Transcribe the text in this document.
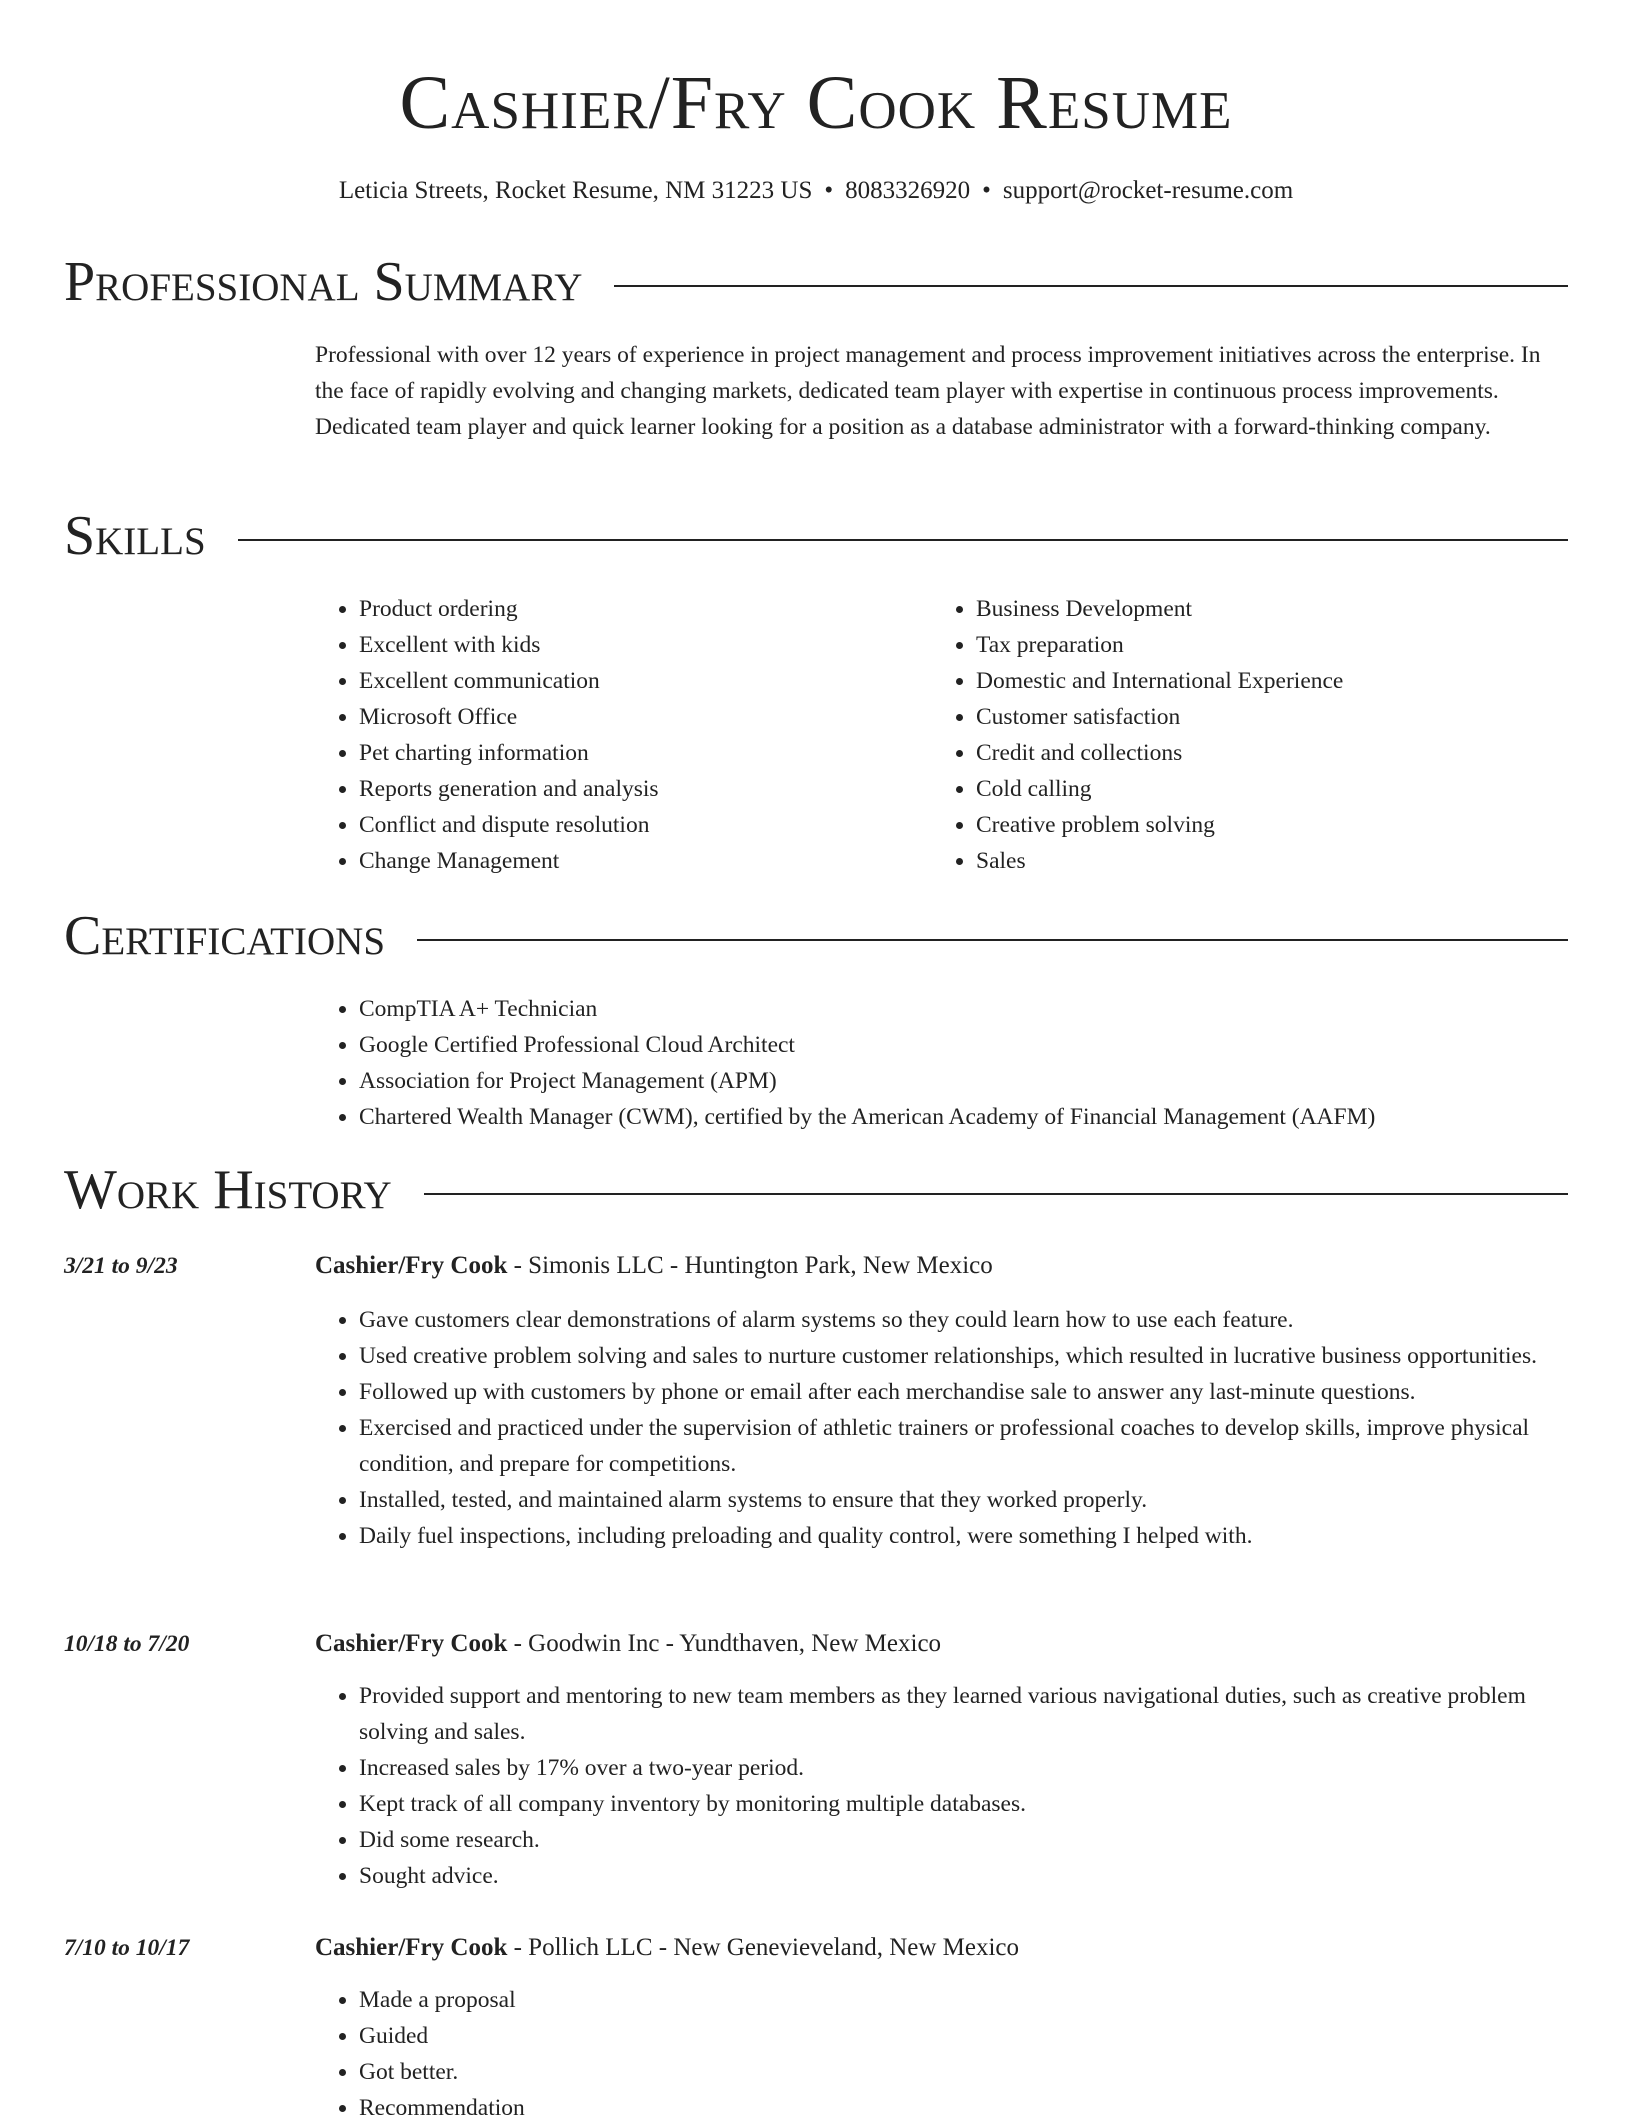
Cashier/Fry Cook Resume
Leticia Streets, Rocket Resume, NM 31223 US • 8083326920 • support@rocket-resume.com
Professional Summary
Professional with over 12 years of experience in project management and process improvement initiatives across the enterprise. In the face of rapidly evolving and changing markets, dedicated team player with expertise in continuous process improvements. Dedicated team player and quick learner looking for a position as a database administrator with a forward-thinking company.
Skills
• Product ordering
• Excellent with kids
• Excellent communication
• Microsoft Office
• Pet charting information
• Reports generation and analysis
• Conflict and dispute resolution
• Change Management
• Business Development
• Tax preparation
• Domestic and International Experience
• Customer satisfaction
• Credit and collections
• Cold calling
• Creative problem solving
• Sales
Certifications
• CompTIA A+ Technician
• Google Certified Professional Cloud Architect
• Association for Project Management (APM)
• Chartered Wealth Manager (CWM), certified by the American Academy of Financial Management (AAFM)
Work History
3/21 to 9/23	Cashier/Fry Cook - Simonis LLC - Huntington Park, New Mexico
• Gave customers clear demonstrations of alarm systems so they could learn how to use each feature.
• Used creative problem solving and sales to nurture customer relationships, which resulted in lucrative business opportunities.
• Followed up with customers by phone or email after each merchandise sale to answer any last-minute questions.
• Exercised and practiced under the supervision of athletic trainers or professional coaches to develop skills, improve physical condition, and prepare for competitions.
• Installed, tested, and maintained alarm systems to ensure that they worked properly.
• Daily fuel inspections, including preloading and quality control, were something I helped with.
10/18 to 7/20	Cashier/Fry Cook - Goodwin Inc - Yundthaven, New Mexico
• Provided support and mentoring to new team members as they learned various navigational duties, such as creative problem solving and sales.
• Increased sales by 17% over a two-year period.
• Kept track of all company inventory by monitoring multiple databases.
• Did some research.
• Sought advice.
7/10 to 10/17	Cashier/Fry Cook - Pollich LLC - New Genevieveland, New Mexico
• Made a proposal
• Guided
• Got better.
• Recommendation
